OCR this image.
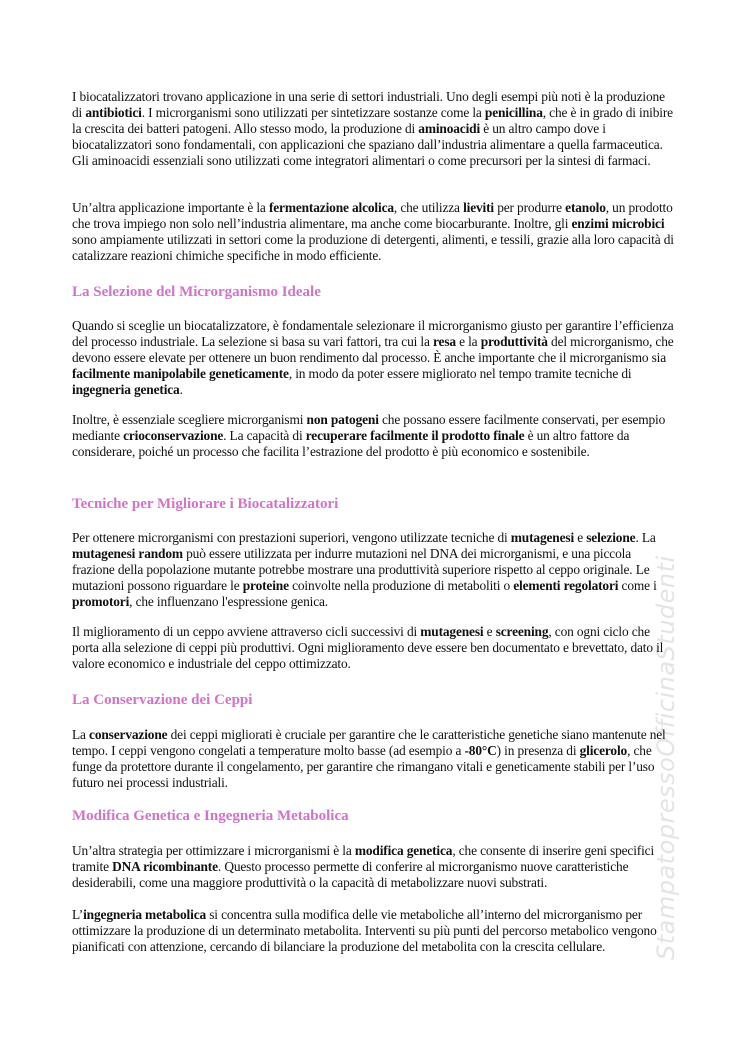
StampatopressoOfficinaStudenti

I biocatalizzatori trovano applicazione in una serie di settori industriali. Uno degli esempi più noti è la produzione di antibiotici. I microrganismi sono utilizzati per sintetizzare sostanze come la penicillina, che è in grado di inibire la crescita dei batteri patogeni. Allo stesso modo, la produzione di aminoacidi è un altro campo dove i biocatalizzatori sono fondamentali, con applicazioni che spaziano dall’industria alimentare a quella farmaceutica. Gli aminoacidi essenziali sono utilizzati come integratori alimentari o come precursori per la sintesi di farmaci.

Un’altra applicazione importante è la fermentazione alcolica, che utilizza lieviti per produrre etanolo, un prodotto che trova impiego non solo nell’industria alimentare, ma anche come biocarburante. Inoltre, gli enzimi microbici sono ampiamente utilizzati in settori come la produzione di detergenti, alimenti, e tessili, grazie alla loro capacità di catalizzare reazioni chimiche specifiche in modo efficiente.

La Selezione del Microrganismo Ideale

Quando si sceglie un biocatalizzatore, è fondamentale selezionare il microrganismo giusto per garantire l’efficienza del processo industriale. La selezione si basa su vari fattori, tra cui la resa e la produttività del microrganismo, che devono essere elevate per ottenere un buon rendimento dal processo. È anche importante che il microrganismo sia facilmente manipolabile geneticamente, in modo da poter essere migliorato nel tempo tramite tecniche di ingegneria genetica.

Inoltre, è essenziale scegliere microrganismi non patogeni che possano essere facilmente conservati, per esempio mediante crioconservazione. La capacità di recuperare facilmente il prodotto finale è un altro fattore da considerare, poiché un processo che facilita l’estrazione del prodotto è più economico e sostenibile.

Tecniche per Migliorare i Biocatalizzatori

Per ottenere microrganismi con prestazioni superiori, vengono utilizzate tecniche di mutagenesi e selezione. La mutagenesi random può essere utilizzata per indurre mutazioni nel DNA dei microrganismi, e una piccola frazione della popolazione mutante potrebbe mostrare una produttività superiore rispetto al ceppo originale. Le mutazioni possono riguardare le proteine coinvolte nella produzione di metaboliti o elementi regolatori come i promotori, che influenzano l'espressione genica.

Il miglioramento di un ceppo avviene attraverso cicli successivi di mutagenesi e screening, con ogni ciclo che porta alla selezione di ceppi più produttivi. Ogni miglioramento deve essere ben documentato e brevettato, dato il valore economico e industriale del ceppo ottimizzato.

La Conservazione dei Ceppi

La conservazione dei ceppi migliorati è cruciale per garantire che le caratteristiche genetiche siano mantenute nel tempo. I ceppi vengono congelati a temperature molto basse (ad esempio a -80°C) in presenza di glicerolo, che funge da protettore durante il congelamento, per garantire che rimangano vitali e geneticamente stabili per l’uso futuro nei processi industriali.

Modifica Genetica e Ingegneria Metabolica

Un’altra strategia per ottimizzare i microrganismi è la modifica genetica, che consente di inserire geni specifici tramite DNA ricombinante. Questo processo permette di conferire al microrganismo nuove caratteristiche desiderabili, come una maggiore produttività o la capacità di metabolizzare nuovi substrati.

L’ingegneria metabolica si concentra sulla modifica delle vie metaboliche all’interno del microrganismo per ottimizzare la produzione di un determinato metabolita. Interventi su più punti del percorso metabolico vengono pianificati con attenzione, cercando di bilanciare la produzione del metabolita con la crescita cellulare.
